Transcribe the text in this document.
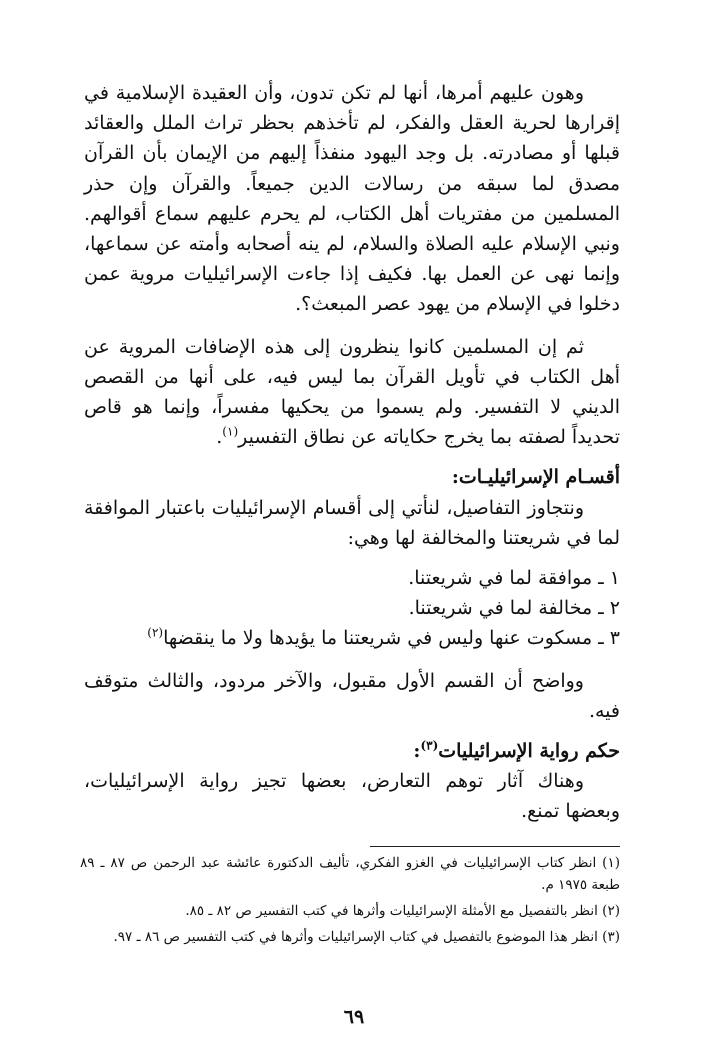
وهون عليهم أمرها، أنها لم تكن تدون، وأن العقيدة الإسلامية في إقرارها لحرية العقل والفكر، لم تأخذهم بحظر تراث الملل والعقائد قبلها أو مصادرته. بل وجد اليهود منفذاً إليهم من الإيمان بأن القرآن مصدق لما سبقه من رسالات الدين جميعاً. والقرآن وإن حذر المسلمين من مفتريات أهل الكتاب، لم يحرم عليهم سماع أقوالهم. ونبي الإسلام عليه الصلاة والسلام، لم ينه أصحابه وأمته عن سماعها، وإنما نهى عن العمل بها. فكيف إذا جاءت الإسرائيليات مروية عمن دخلوا في الإسلام من يهود عصر المبعث؟.

ثم إن المسلمين كانوا ينظرون إلى هذه الإضافات المروية عن أهل الكتاب في تأويل القرآن بما ليس فيه، على أنها من القصص الديني لا التفسير. ولم يسموا من يحكيها مفسراً، وإنما هو قاص تحديداً لصفته بما يخرج حكاياته عن نطاق التفسير$^{(١)}$.

أقسـام الإسرائيليـات:

ونتجاوز التفاصيل، لنأتي إلى أقسام الإسرائيليات باعتبار الموافقة لما في شريعتنا والمخالفة لها وهي:

١ ـ موافقة لما في شريعتنا.
٢ ـ مخالفة لما في شريعتنا.
٣ ـ مسكوت عنها وليس في شريعتنا ما يؤيدها ولا ما ينقضها$^{(٢)}$

وواضح أن القسم الأول مقبول، والآخر مردود، والثالث متوقف فيه.

حكم رواية الإسرائيليات$^{(٣)}$:

وهناك آثار توهم التعارض، بعضها تجيز رواية الإسرائيليات، وبعضها تمنع.

(١) انظر كتاب الإسرائيليات في الغزو الفكري، تأليف الدكتورة عائشة عبد الرحمن ص ٨٧ ـ ٨٩ طبعة ١٩٧٥ م.

(٢) انظر بالتفصيل مع الأمثلة الإسرائيليات وأثرها في كتب التفسير ص ٨٢ ـ ٨٥.

(٣) انظر هذا الموضوع بالتفصيل في كتاب الإسرائيليات وأثرها في كتب التفسير ص ٨٦ ـ ٩٧.

٦٩
